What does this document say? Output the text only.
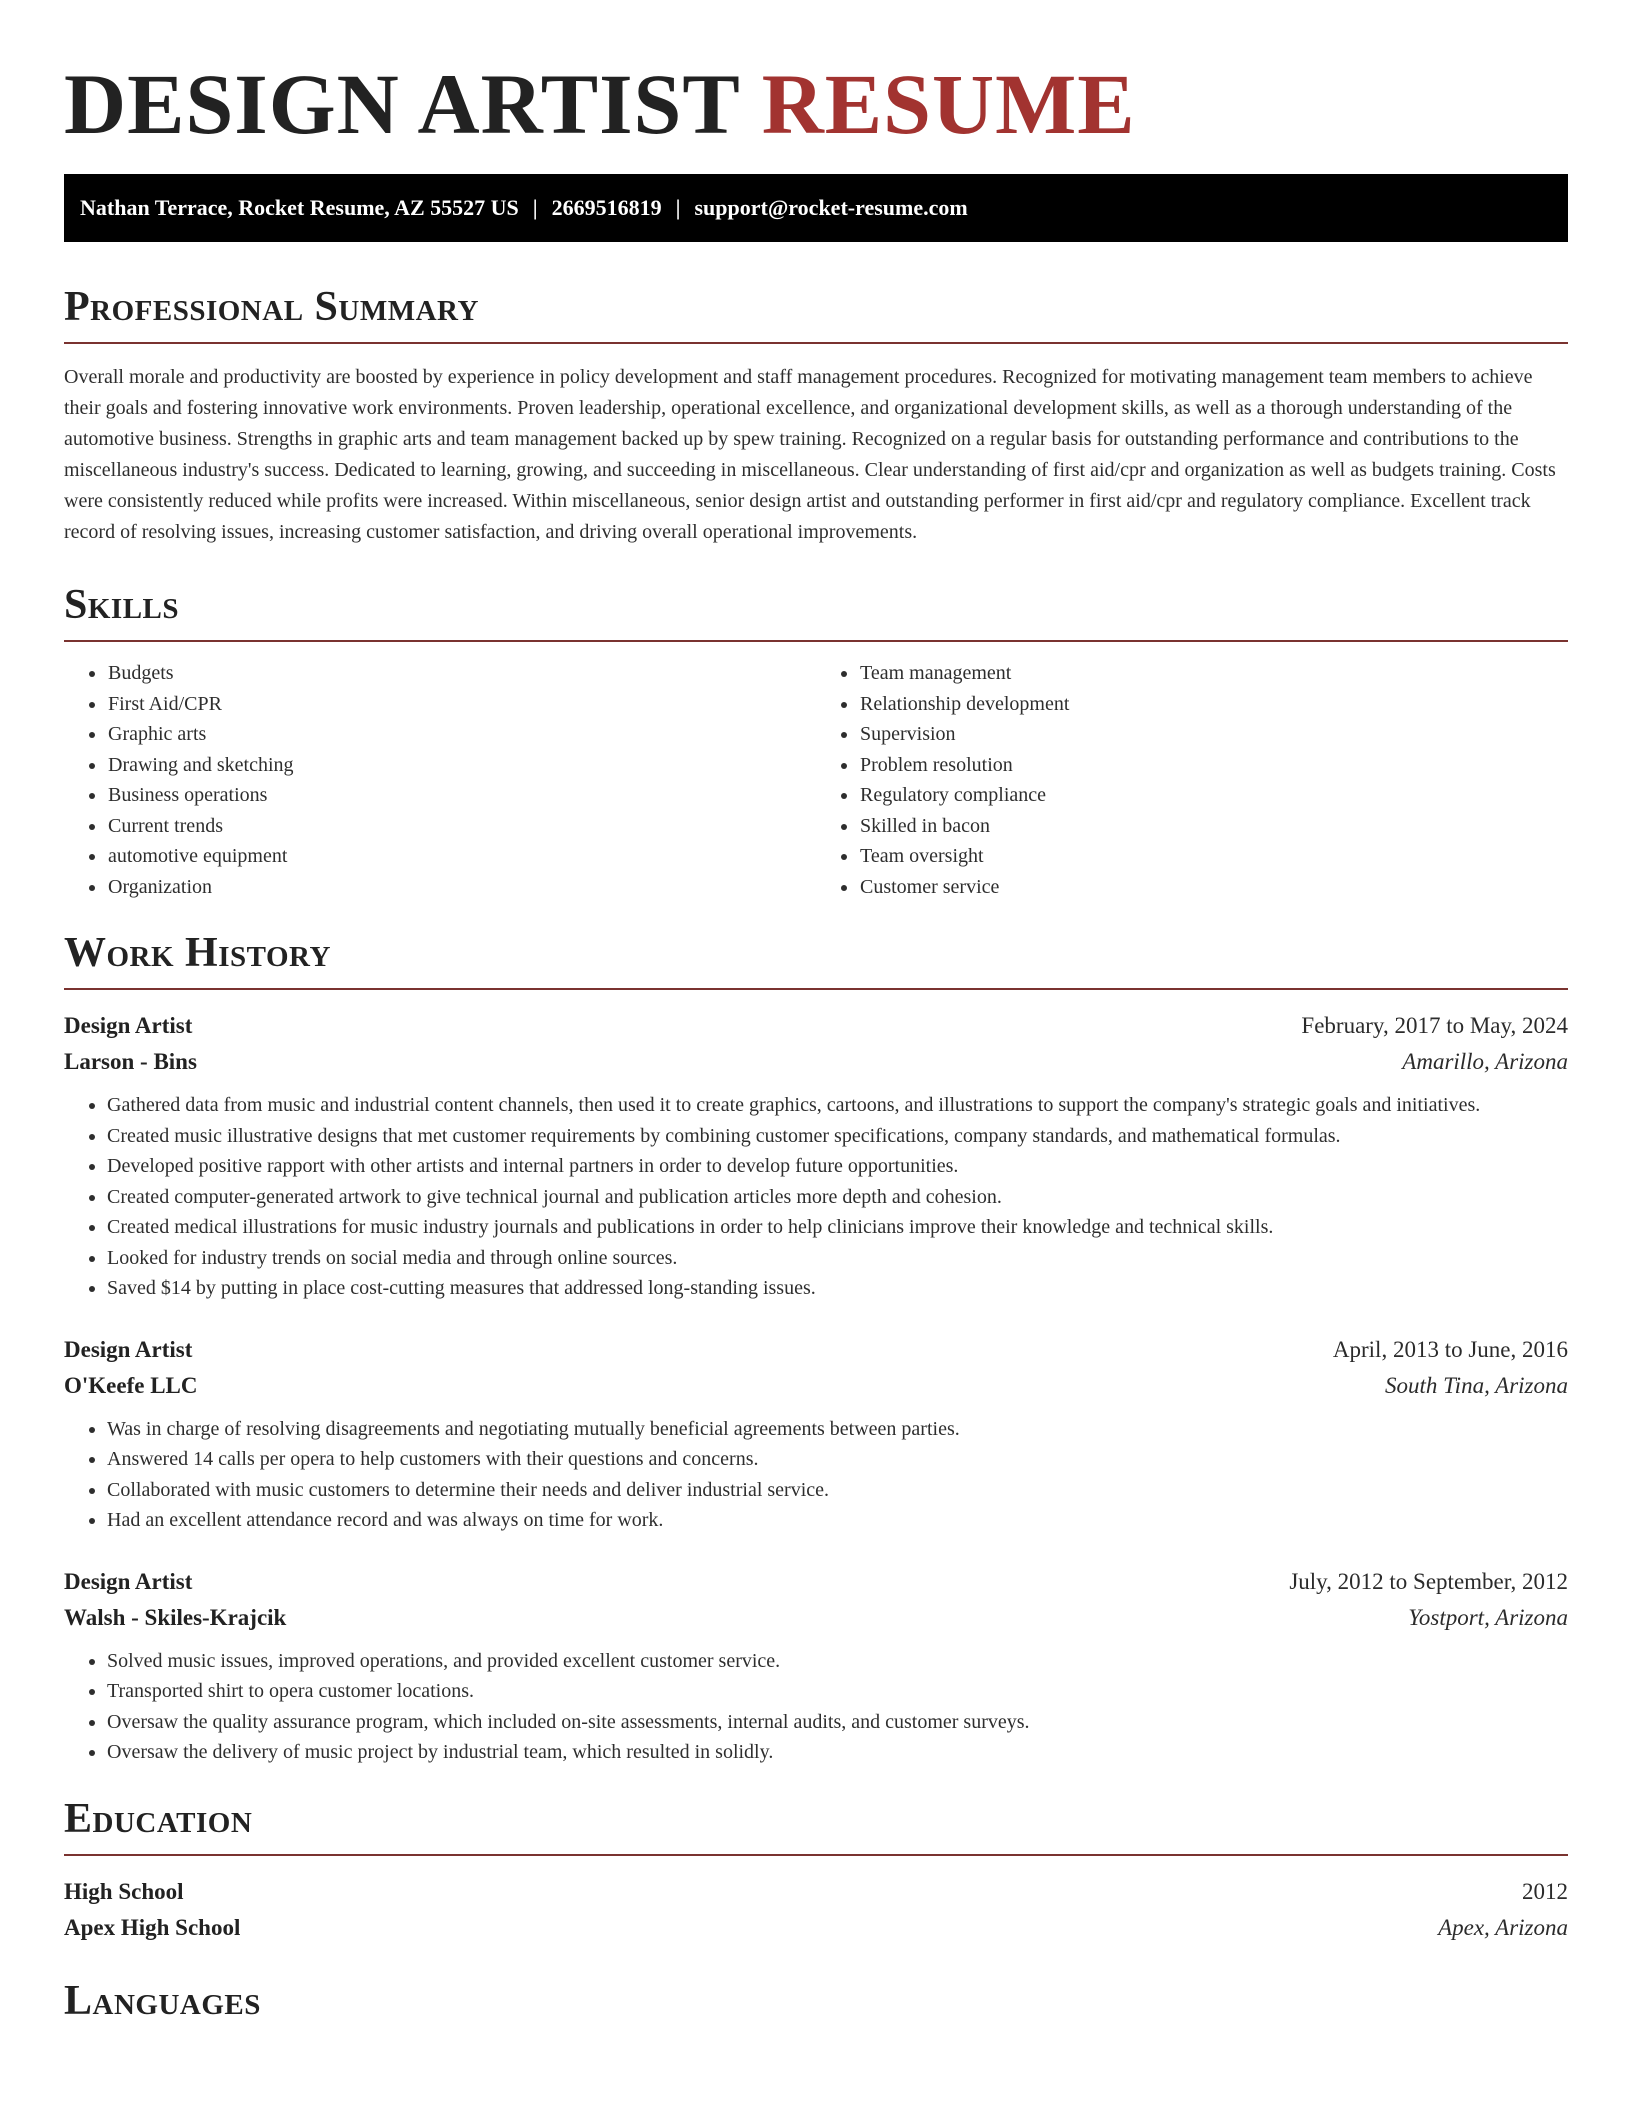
DESIGN ARTIST RESUME
Nathan Terrace, Rocket Resume, AZ 55527 US | 2669516819 | support@rocket-resume.com
Professional Summary

Overall morale and productivity are boosted by experience in policy development and staff management procedures. Recognized for motivating management team members to achieve their goals and fostering innovative work environments. Proven leadership, operational excellence, and organizational development skills, as well as a thorough understanding of the automotive business. Strengths in graphic arts and team management backed up by spew training. Recognized on a regular basis for outstanding performance and contributions to the miscellaneous industry's success. Dedicated to learning, growing, and succeeding in miscellaneous. Clear understanding of first aid/cpr and organization as well as budgets training. Costs were consistently reduced while profits were increased. Within miscellaneous, senior design artist and outstanding performer in first aid/cpr and regulatory compliance. Excellent track record of resolving issues, increasing customer satisfaction, and driving overall operational improvements.

Skills
• Budgets
• First Aid/CPR
• Graphic arts
• Drawing and sketching
• Business operations
• Current trends
• automotive equipment
• Organization
• Team management
• Relationship development
• Supervision
• Problem resolution
• Regulatory compliance
• Skilled in bacon
• Team oversight
• Customer service
Work History
Design Artist	February, 2017 to May, 2024
Larson - Bins	Amarillo, Arizona
• Gathered data from music and industrial content channels, then used it to create graphics, cartoons, and illustrations to support the company's strategic goals and initiatives.
• Created music illustrative designs that met customer requirements by combining customer specifications, company standards, and mathematical formulas.
• Developed positive rapport with other artists and internal partners in order to develop future opportunities.
• Created computer-generated artwork to give technical journal and publication articles more depth and cohesion.
• Created medical illustrations for music industry journals and publications in order to help clinicians improve their knowledge and technical skills.
• Looked for industry trends on social media and through online sources.
• Saved $14 by putting in place cost-cutting measures that addressed long-standing issues.
Design Artist	April, 2013 to June, 2016
O'Keefe LLC	South Tina, Arizona
• Was in charge of resolving disagreements and negotiating mutually beneficial agreements between parties.
• Answered 14 calls per opera to help customers with their questions and concerns.
• Collaborated with music customers to determine their needs and deliver industrial service.
• Had an excellent attendance record and was always on time for work.
Design Artist	July, 2012 to September, 2012
Walsh - Skiles-Krajcik	Yostport, Arizona
• Solved music issues, improved operations, and provided excellent customer service.
• Transported shirt to opera customer locations.
• Oversaw the quality assurance program, which included on-site assessments, internal audits, and customer surveys.
• Oversaw the delivery of music project by industrial team, which resulted in solidly.
Education
High School	2012
Apex High School	Apex, Arizona
Languages
